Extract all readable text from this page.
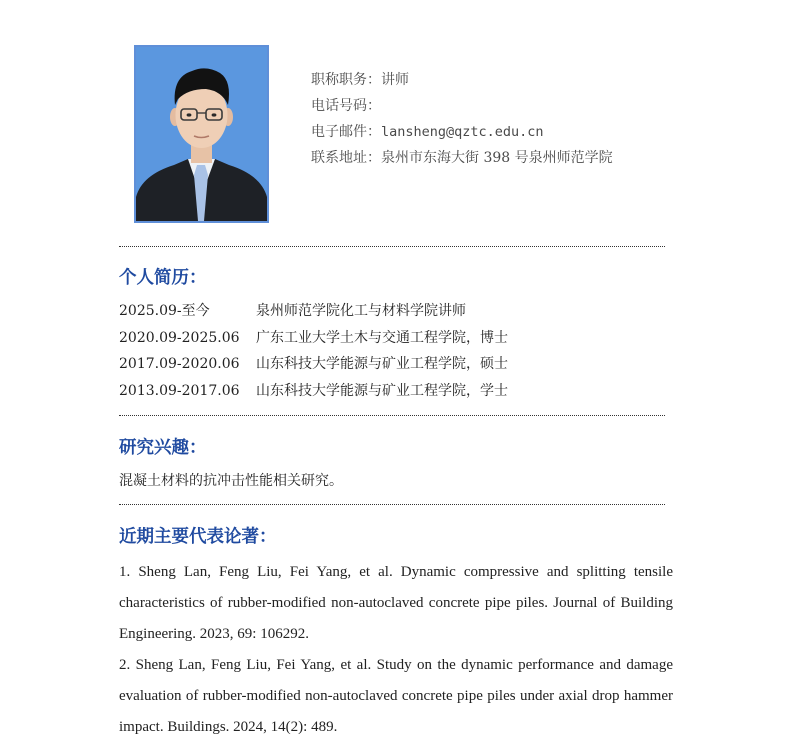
职称职务：讲师
电话号码：
电子邮件：lansheng@qztc.edu.cn
联系地址：泉州市东海大街 398 号泉州师范学院
个人简历：
2025.09-至今	泉州师范学院化工与材料学院讲师
2020.09-2025.06	广东工业大学土木与交通工程学院，博士
2017.09-2020.06	山东科技大学能源与矿业工程学院，硕士
2013.09-2017.06	山东科技大学能源与矿业工程学院，学士
研究兴趣：
混凝土材料的抗冲击性能相关研究。
近期主要代表论著：
1. Sheng Lan, Feng Liu, Fei Yang, et al. Dynamic compressive and splitting tensile characteristics of rubber-modified non-autoclaved concrete pipe piles. Journal of Building Engineering. 2023, 69: 106292.
2. Sheng Lan, Feng Liu, Fei Yang, et al. Study on the dynamic performance and damage evaluation of rubber-modified non-autoclaved concrete pipe piles under axial drop hammer impact. Buildings. 2024, 14(2): 489.
